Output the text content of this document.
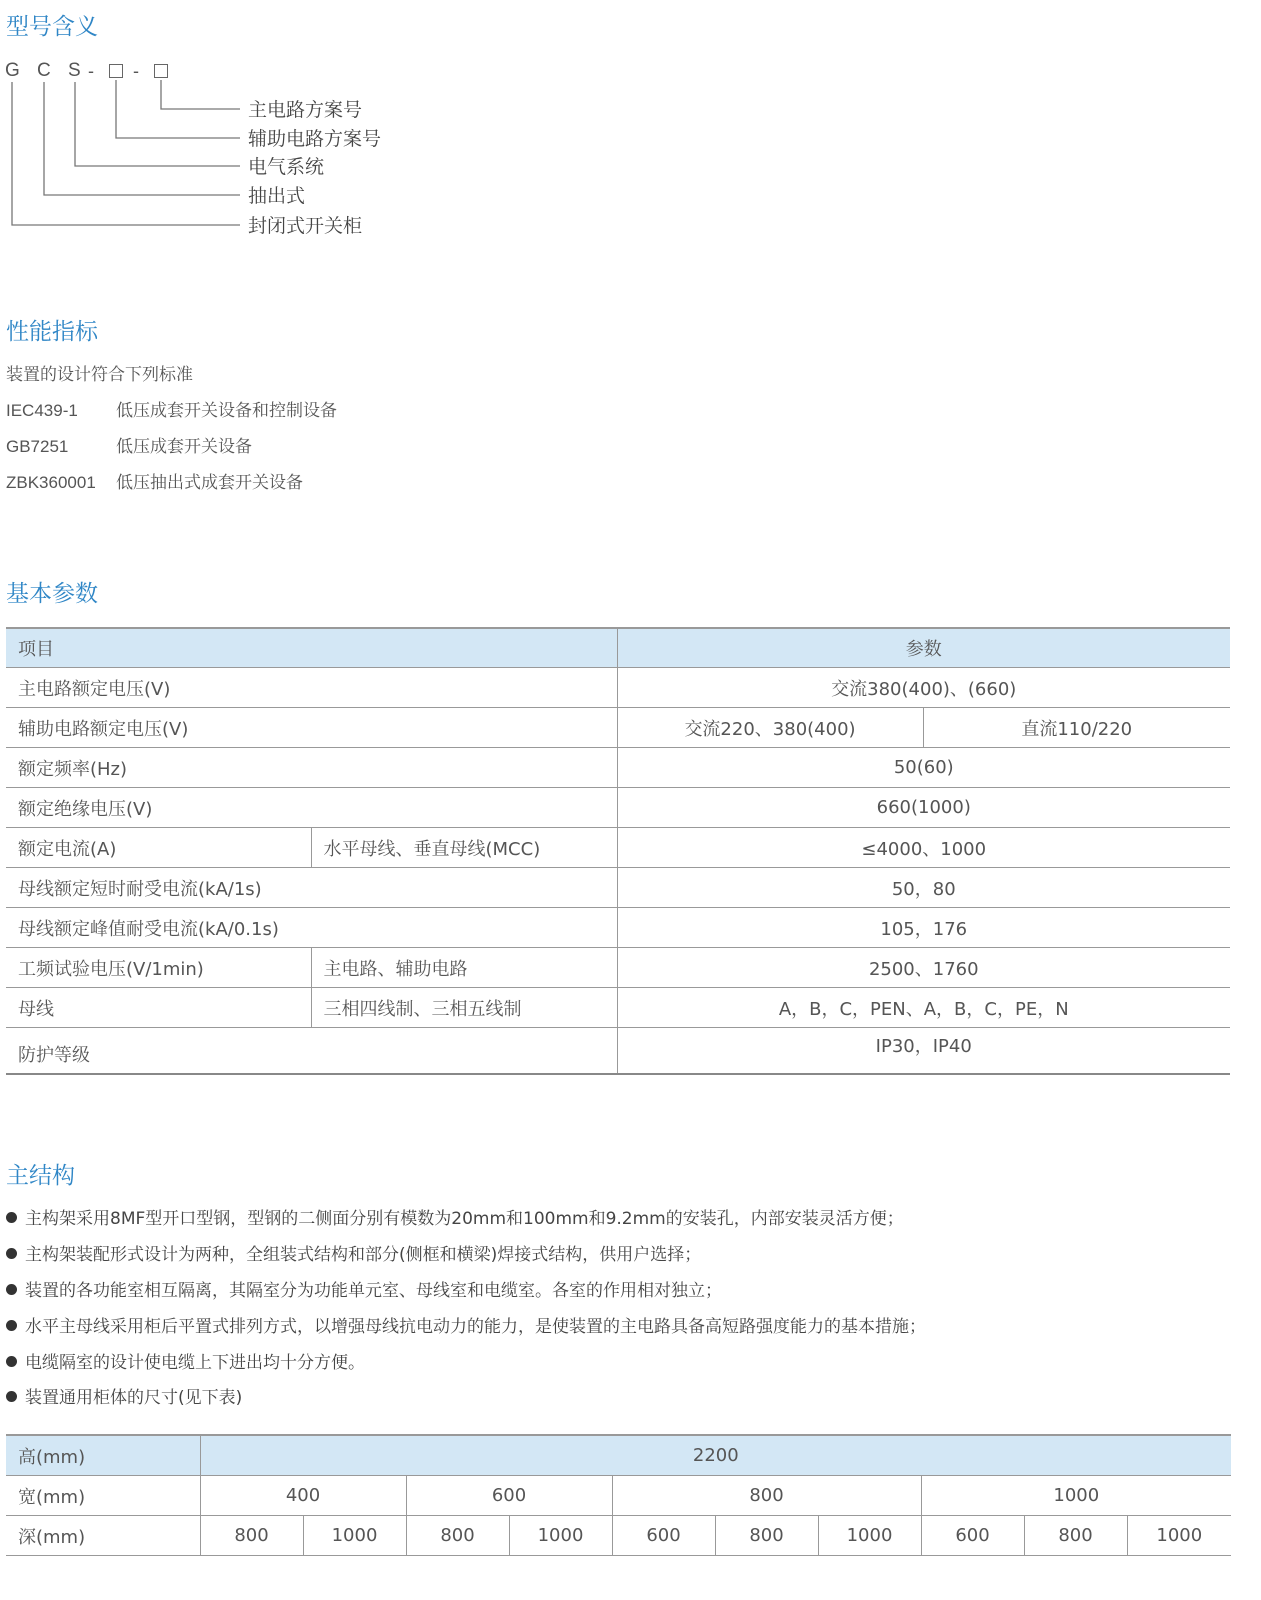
型号含义
G C S - -
主电路方案号
辅助电路方案号
电气系统
抽出式
封闭式开关柜
性能指标
装置的设计符合下列标准
IEC439-1 低压成套开关设备和控制设备
GB7251	低压成套开关设备
ZBK360001 低压抽出式成套开关设备
基本参数
项目		参数	
主电路额定电压(V)		交流380(400)、(660)	
辅助电路额定电压(V)		交流220、380(400)	直流110/220
额定频率(Hz)		50(60)	
额定绝缘电压(V)		660(1000)	
额定电流(A)	水平母线、垂直母线(MCC)	≤4000、1000	
母线额定短时耐受电流(kA/1s)		50，80	
母线额定峰值耐受电流(kA/0.1s)		105，176	
工频试验电压(V/1min)	主电路、辅助电路	2500、1760	
母线	三相四线制、三相五线制	A，B，C，PEN、A，B，C，PE，N	
防护等级		IP30，IP40	
主结构
主构架采用8MF型开口型钢，型钢的二侧面分别有模数为20mm和100mm和9.2mm的安装孔，内部安装灵活方便；
主构架装配形式设计为两种，全组装式结构和部分(侧框和横梁)焊接式结构，供用户选择；
装置的各功能室相互隔离，其隔室分为功能单元室、母线室和电缆室。各室的作用相对独立；
水平主母线采用柜后平置式排列方式，以增强母线抗电动力的能力，是使装置的主电路具备高短路强度能力的基本措施；
电缆隔室的设计使电缆上下进出均十分方便。
装置通用柜体的尺寸(见下表)
高(mm)	2200									
宽(mm)	400		600		800			1000		
深(mm)	800	1000	800	1000	600	800	1000	600	800	1000
